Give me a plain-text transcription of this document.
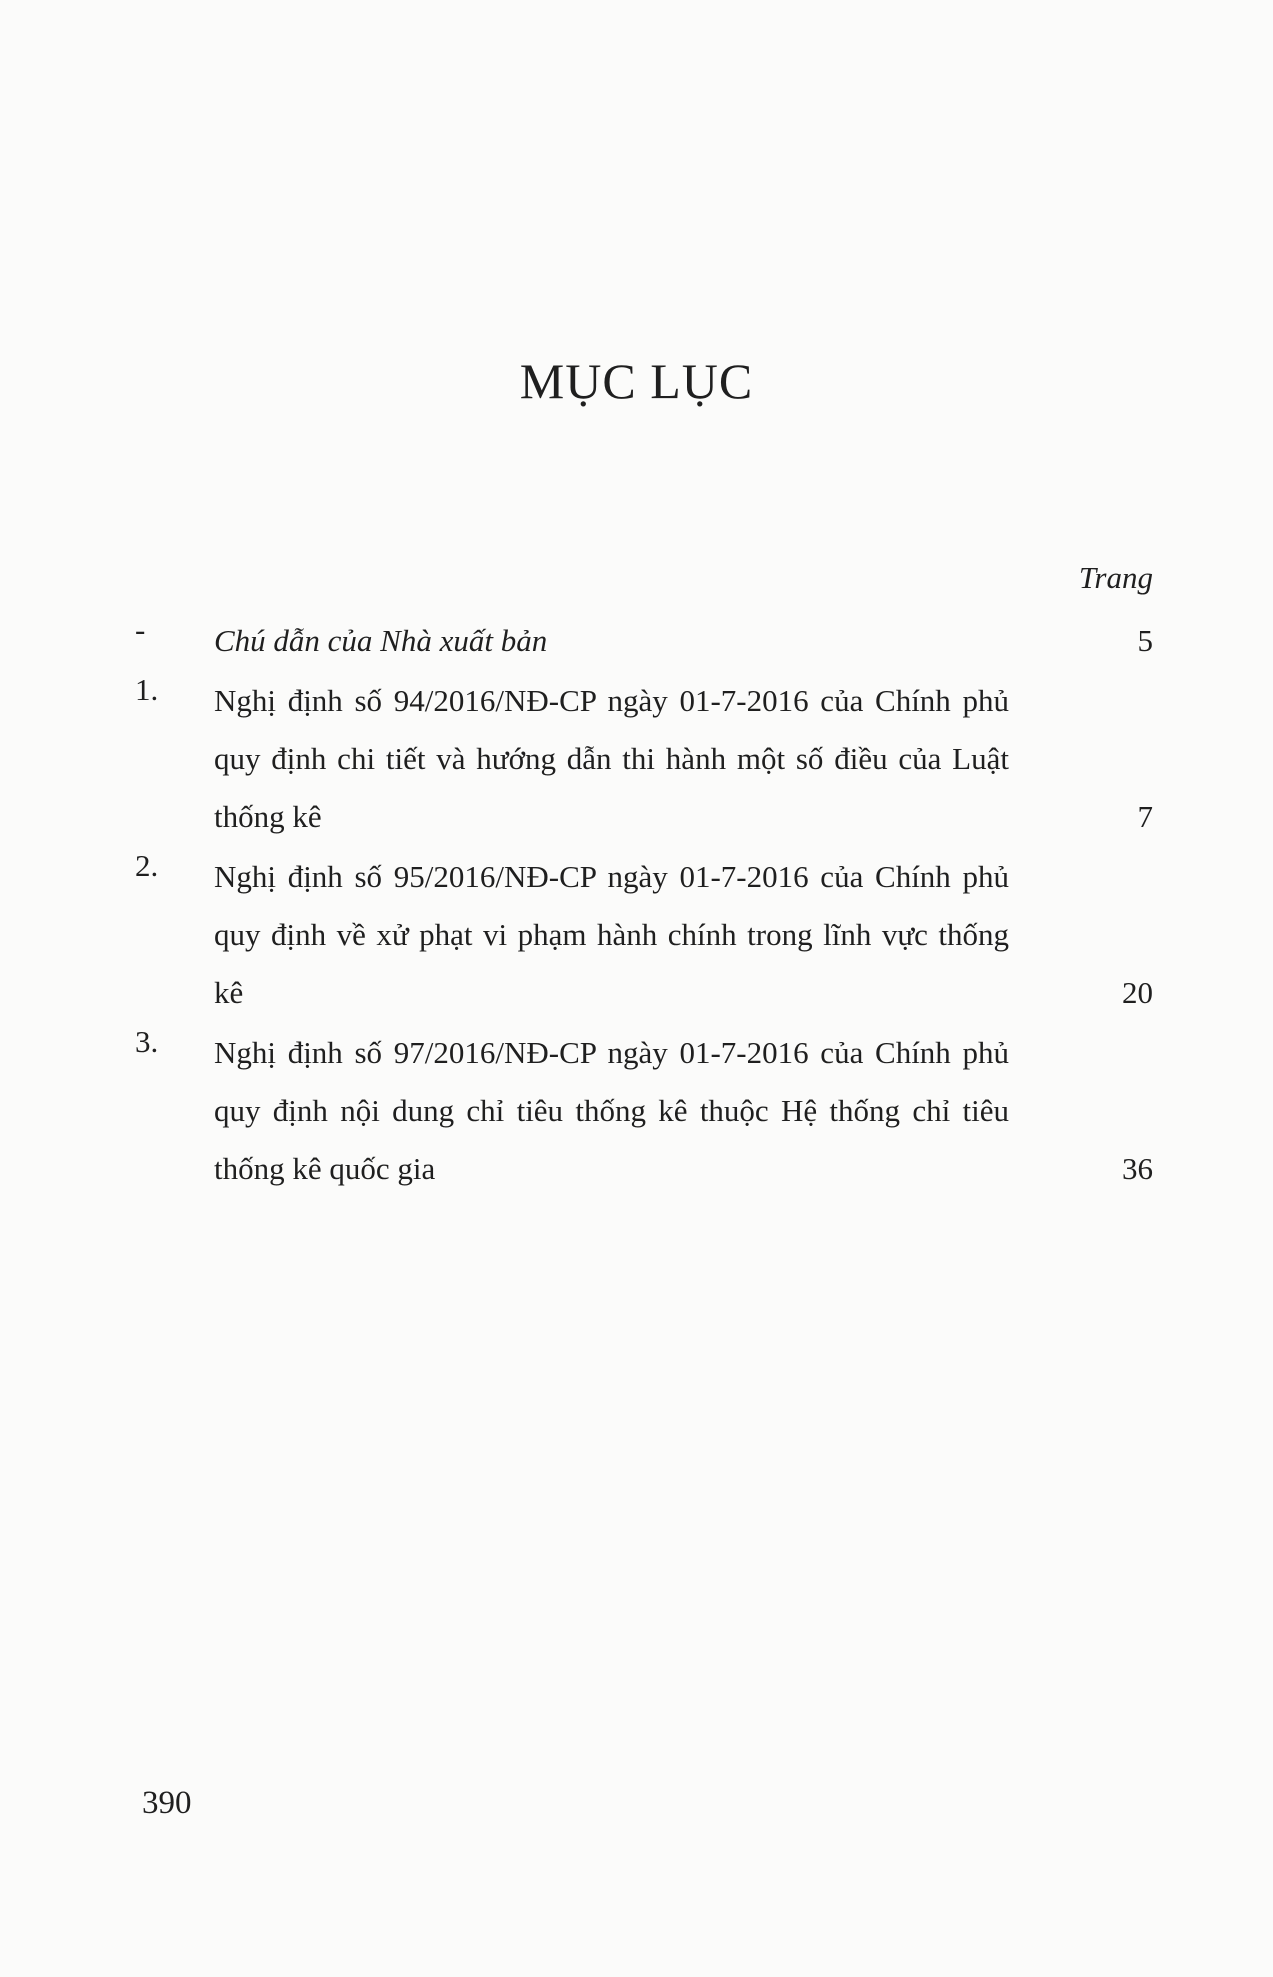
MỤC LỤC
Trang
-	Chú dẫn của Nhà xuất bản	5
1.	Nghị định số 94/2016/NĐ-CP ngày 01-7-2016 của Chính phủ quy định chi tiết và hướng dẫn thi hành một số điều của Luật thống kê	7
2.	Nghị định số 95/2016/NĐ-CP ngày 01-7-2016 của Chính phủ quy định về xử phạt vi phạm hành chính trong lĩnh vực thống kê	20
3.	Nghị định số 97/2016/NĐ-CP ngày 01-7-2016 của Chính phủ quy định nội dung chỉ tiêu thống kê thuộc Hệ thống chỉ tiêu thống kê quốc gia	36
390
